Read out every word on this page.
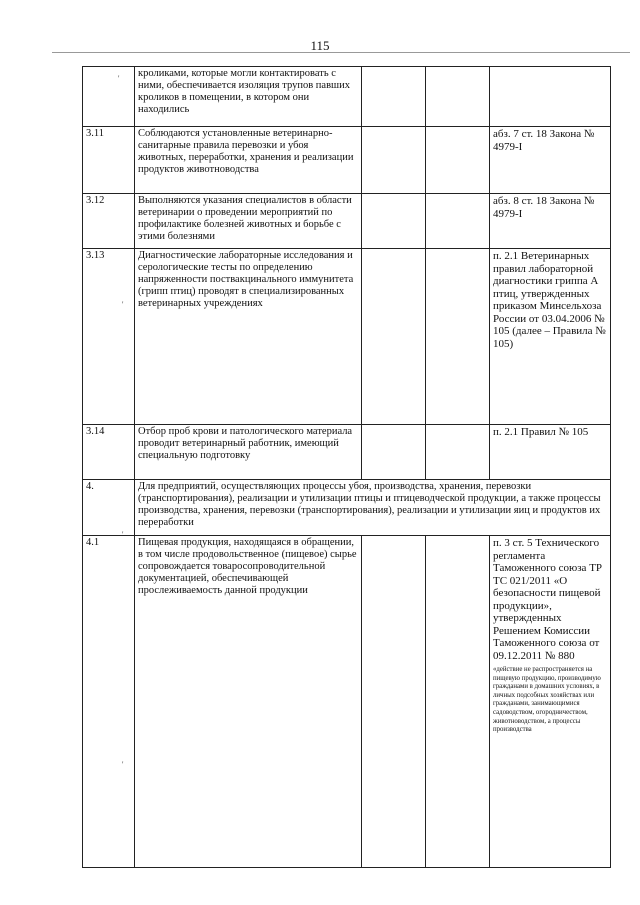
115
	кроликами, которые могли контактировать с ними, обеспечивается изоляция трупов павших кроликов в помещении, в котором они находились			
3.11	Соблюдаются установленные ветеринарно-санитарные правила перевозки и убоя животных, переработки, хранения и реализации продуктов животноводства			абз. 7 ст. 18 Закона № 4979-I
3.12	Выполняются указания специалистов в области ветеринарии о проведении мероприятий по профилактике болезней животных и борьбе с этими болезнями			абз. 8 ст. 18 Закона № 4979-I
3.13	Диагностические лабораторные исследования и серологические тесты по определению напряженности поствакцинального иммунитета (грипп птиц) проводят в специализированных ветеринарных учреждениях			п. 2.1 Ветеринарных правил лабораторной диагностики гриппа А птиц, утвержденных приказом Минсельхоза России от 03.04.2006 № 105 (далее – Правила № 105)
3.14	Отбор проб крови и патологического материала проводит ветеринарный работник, имеющий специальную подготовку			п. 2.1 Правил № 105
4.	Для предприятий, осуществляющих процессы убоя, производства, хранения, перевозки (транспортирования), реализации и утилизации птицы и птицеводческой продукции, а также процессы производства, хранения, перевозки (транспортирования), реализации и утилизации яиц и продуктов их переработки			
4.1	Пищевая продукция, находящаяся в обращении, в том числе продовольственное (пищевое) сырье сопровождается товаросопроводительной документацией, обеспечивающей прослеживаемость данной продукции			п. 3 ст. 5 Технического регламента Таможенного союза ТР ТС 021/2011 «О безопасности пищевой продукции», утвержденных Решением Комиссии Таможенного союза от 09.12.2011 № 880
«действие не распространяется на пищевую продукцию, производимую гражданами в домашних условиях, в личных подсобных хозяйствах или гражданами, занимающимися садоводством, огородничеством, животноводством, а процессы производства
'
'
'
'
